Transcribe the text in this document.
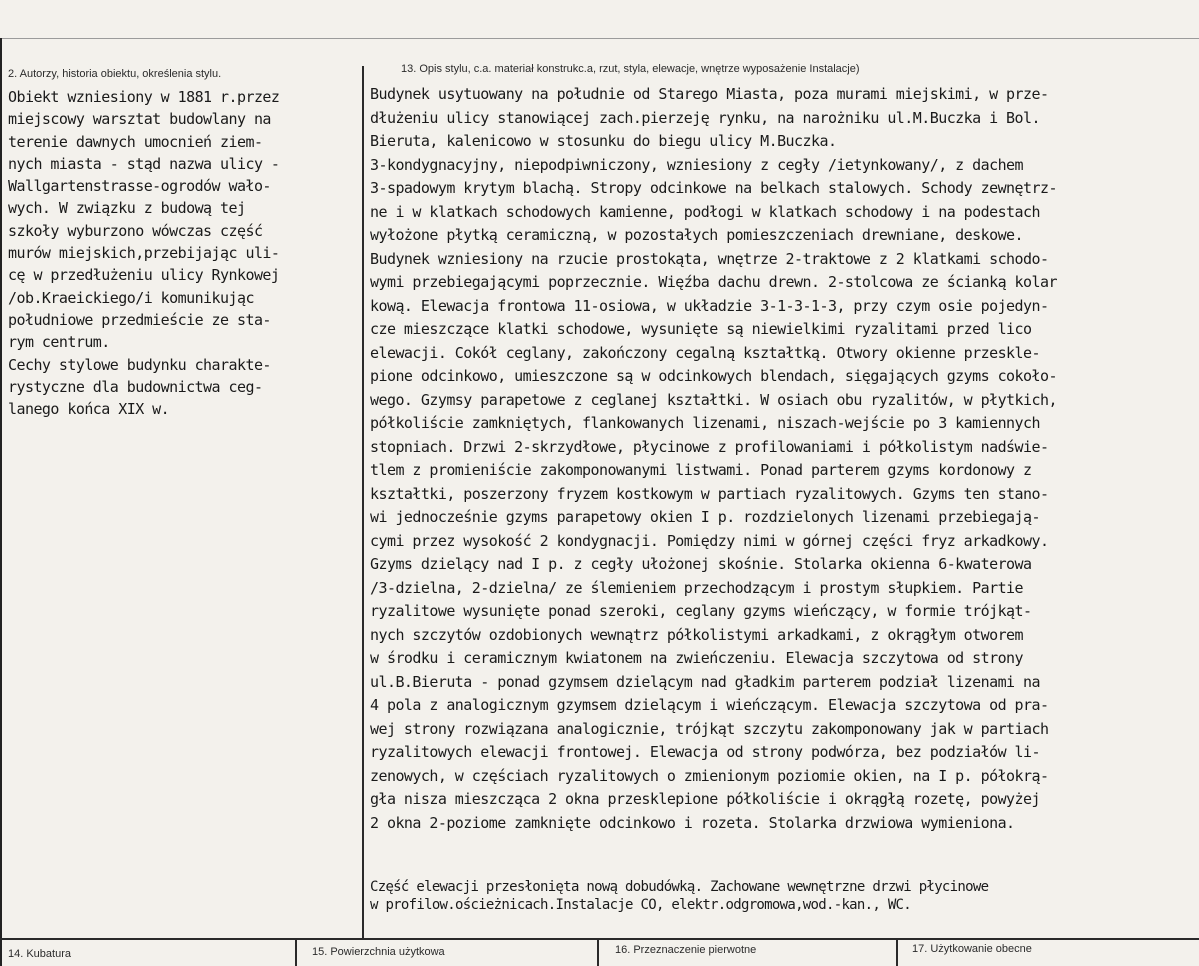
2. Autorzy, historia obiektu, określenia stylu.	13. Opis stylu, c.a. materiał konstrukc.a, rzut, styla, elewacje, wnętrze wyposażenie Instalacje)
Obiekt wzniesiony w 1881 r.przez
miejscowy warsztat budowlany na
terenie dawnych umocnień ziem-
nych miasta - stąd nazwa ulicy -
Wallgartenstrasse-ogrodów wało-
wych. W związku z budową tej
szkoły wyburzono wówczas część
murów miejskich,przebijając uli-
cę w przedłużeniu ulicy Rynkowej
/ob.Kraeickiego/i komunikując
południowe przedmieście ze sta-
rym centrum.
Cechy stylowe budynku charakte-
rystyczne dla budownictwa ceg-
lanego końca XIX w.
Budynek usytuowany na południe od Starego Miasta, poza murami miejskimi, w prze-
dłużeniu ulicy stanowiącej zach.pierzeję rynku, na narożniku ul.M.Buczka i Bol.
Bieruta, kalenicowo w stosunku do biegu ulicy M.Buczka.
3-kondygnacyjny, niepodpiwniczony, wzniesiony z cegły /ietynkowany/, z dachem
3-spadowym krytym blachą. Stropy odcinkowe na belkach stalowych. Schody zewnętrz-
ne i w klatkach schodowych kamienne, podłogi w klatkach schodowy i na podestach
wyłożone płytką ceramiczną, w pozostałych pomieszczeniach drewniane, deskowe.
Budynek wzniesiony na rzucie prostokąta, wnętrze 2-traktowe z 2 klatkami schodo-
wymi przebiegającymi poprzecznie. Więźba dachu drewn. 2-stolcowa ze ścianką kolar
kową. Elewacja frontowa 11-osiowa, w układzie 3-1-3-1-3, przy czym osie pojedyn-
cze mieszczące klatki schodowe, wysunięte są niewielkimi ryzalitami przed lico
elewacji. Cokół ceglany, zakończony cegalną kształtką. Otwory okienne przeskle-
pione odcinkowo, umieszczone są w odcinkowych blendach, sięgających gzyms cokoło-
wego. Gzymsy parapetowe z ceglanej kształtki. W osiach obu ryzalitów, w płytkich,
półkoliście zamkniętych, flankowanych lizenami, niszach-wejście po 3 kamiennych
stopniach. Drzwi 2-skrzydłowe, płycinowe z profilowaniami i półkolistym nadświe-
tlem z promieniście zakomponowanymi listwami. Ponad parterem gzyms kordonowy z
kształtki, poszerzony fryzem kostkowym w partiach ryzalitowych. Gzyms ten stano-
wi jednocześnie gzyms parapetowy okien I p. rozdzielonych lizenami przebiegają-
cymi przez wysokość 2 kondygnacji. Pomiędzy nimi w górnej części fryz arkadkowy.
Gzyms dzielący nad I p. z cegły ułożonej skośnie. Stolarka okienna 6-kwaterowa
/3-dzielna, 2-dzielna/ ze ślemieniem przechodzącym i prostym słupkiem. Partie
ryzalitowe wysunięte ponad szeroki, ceglany gzyms wieńczący, w formie trójkąt-
nych szczytów ozdobionych wewnątrz półkolistymi arkadkami, z okrągłym otworem
w środku i ceramicznym kwiatonem na zwieńczeniu. Elewacja szczytowa od strony
ul.B.Bieruta - ponad gzymsem dzielącym nad gładkim parterem podział lizenami na
4 pola z analogicznym gzymsem dzielącym i wieńczącym. Elewacja szczytowa od pra-
wej strony rozwiązana analogicznie, trójkąt szczytu zakomponowany jak w partiach
ryzalitowych elewacji frontowej. Elewacja od strony podwórza, bez podziałów li-
zenowych, w częściach ryzalitowych o zmienionym poziomie okien, na I p. półokrą-
gła nisza mieszcząca 2 okna przesklepione półkoliście i okrągłą rozetę, powyżej
2 okna 2-poziome zamknięte odcinkowo i rozeta. Stolarka drzwiowa wymieniona.
Część elewacji przesłonięta nową dobudówką. Zachowane wewnętrzne drzwi płycinowe
w profilow.ościeżnicach.Instalacje CO, elektr.odgromowa,wod.-kan., WC.
14. Kubatura	15. Powierzchnia użytkowa	16. Przeznaczenie pierwotne	17. Użytkowanie obecne
